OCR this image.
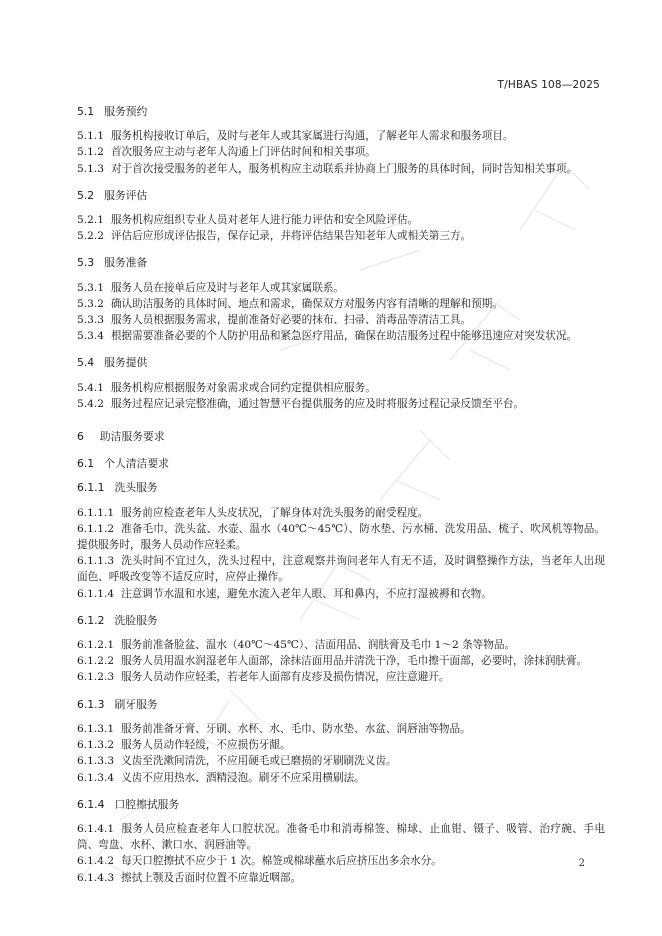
T/HBAS 108—2025
5.1 服务预约
5.1.1 服务机构接收订单后，及时与老年人或其家属进行沟通，了解老年人需求和服务项目。
5.1.2 首次服务应主动与老年人沟通上门评估时间和相关事项。
5.1.3 对于首次接受服务的老年人，服务机构应主动联系并协商上门服务的具体时间，同时告知相关事项。
5.2 服务评估
5.2.1 服务机构应组织专业人员对老年人进行能力评估和安全风险评估。
5.2.2 评估后应形成评估报告，保存记录，并将评估结果告知老年人或相关第三方。
5.3 服务准备
5.3.1 服务人员在接单后应及时与老年人或其家属联系。
5.3.2 确认助洁服务的具体时间、地点和需求，确保双方对服务内容有清晰的理解和预期。
5.3.3 服务人员根据服务需求，提前准备好必要的抹布、扫帚、消毒品等清洁工具。
5.3.4 根据需要准备必要的个人防护用品和紧急医疗用品，确保在助洁服务过程中能够迅速应对突发状况。
5.4 服务提供
5.4.1 服务机构应根据服务对象需求或合同约定提供相应服务。
5.4.2 服务过程应记录完整准确，通过智慧平台提供服务的应及时将服务过程记录反馈至平台。
6 助洁服务要求
6.1 个人清洁要求
6.1.1 洗头服务
6.1.1.1 服务前应检查老年人头皮状况，了解身体对洗头服务的耐受程度。
6.1.1.2 准备毛巾、洗头盆、水壶、温水（40℃～45℃）、防水垫、污水桶、洗发用品、梳子、吹风机等物品。提供服务时，服务人员动作应轻柔。
6.1.1.3 洗头时间不宜过久，洗头过程中，注意观察并询问老年人有无不适，及时调整操作方法，当老年人出现面色、呼吸改变等不适反应时，应停止操作。
6.1.1.4 注意调节水温和水速，避免水流入老年人眼、耳和鼻内，不应打湿被褥和衣物。
6.1.2 洗脸服务
6.1.2.1 服务前准备脸盆、温水（40℃～45℃）、洁面用品、润肤膏及毛巾 1～2 条等物品。
6.1.2.2 服务人员用温水润湿老年人面部，涂抹洁面用品并清洗干净，毛巾擦干面部，必要时，涂抹润肤膏。
6.1.2.3 服务人员动作应轻柔，若老年人面部有皮疹及损伤情况，应注意避开。
6.1.3 刷牙服务
6.1.3.1 服务前准备牙膏、牙刷、水杯、水、毛巾、防水垫、水盆、润唇油等物品。
6.1.3.2 服务人员动作轻缓，不应损伤牙龈。
6.1.3.3 义齿至洗漱间清洗，不应用硬毛或已磨损的牙刷刷洗义齿。
6.1.3.4 义齿不应用热水、酒精浸泡。刷牙不应采用横刷法。
6.1.4 口腔擦拭服务
6.1.4.1 服务人员应检查老年人口腔状况。准备毛巾和消毒棉签、棉球、止血钳、镊子、吸管、治疗碗、手电筒、弯盘、水杯、漱口水、润唇油等。
6.1.4.2 每天口腔擦拭不应少于 1 次。棉签或棉球蘸水后应挤压出多余水分。
6.1.4.3 擦拭上颚及舌面时位置不应靠近咽部。
2
